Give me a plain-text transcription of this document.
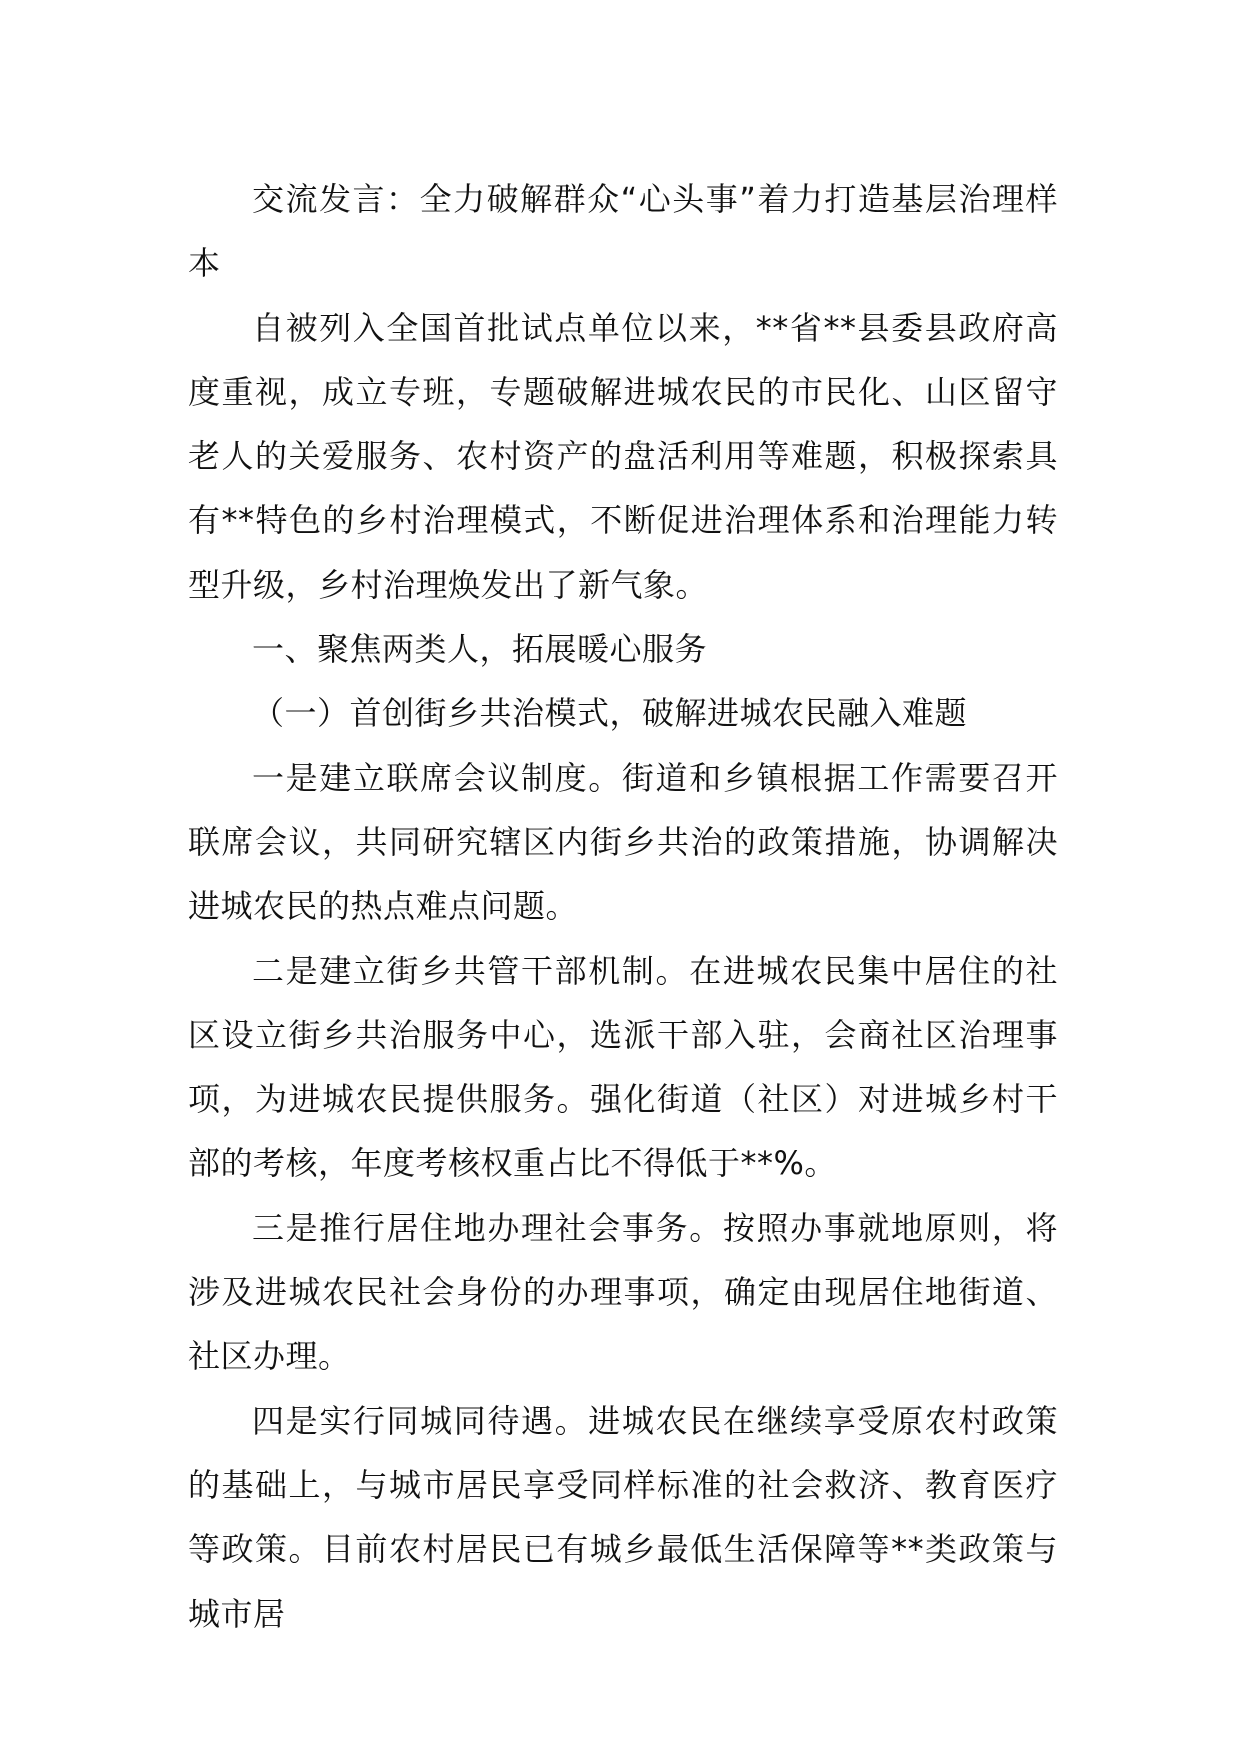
交流发言：全力破解群众“心头事”着力打造基层治理样本

自被列入全国首批试点单位以来，**省**县委县政府高度重视，成立专班，专题破解进城农民的市民化、山区留守老人的关爱服务、农村资产的盘活利用等难题，积极探索具有**特色的乡村治理模式，不断促进治理体系和治理能力转型升级，乡村治理焕发出了新气象。

一、聚焦两类人，拓展暖心服务

（一）首创街乡共治模式，破解进城农民融入难题

一是建立联席会议制度。街道和乡镇根据工作需要召开联席会议，共同研究辖区内街乡共治的政策措施，协调解决进城农民的热点难点问题。

二是建立街乡共管干部机制。在进城农民集中居住的社区设立街乡共治服务中心，选派干部入驻，会商社区治理事项，为进城农民提供服务。强化街道（社区）对进城乡村干部的考核，年度考核权重占比不得低于**%。

三是推行居住地办理社会事务。按照办事就地原则，将涉及进城农民社会身份的办理事项，确定由现居住地街道、社区办理。

四是实行同城同待遇。进城农民在继续享受原农村政策的基础上，与城市居民享受同样标准的社会救济、教育医疗等政策。目前农村居民已有城乡最低生活保障等**类政策与城市居
